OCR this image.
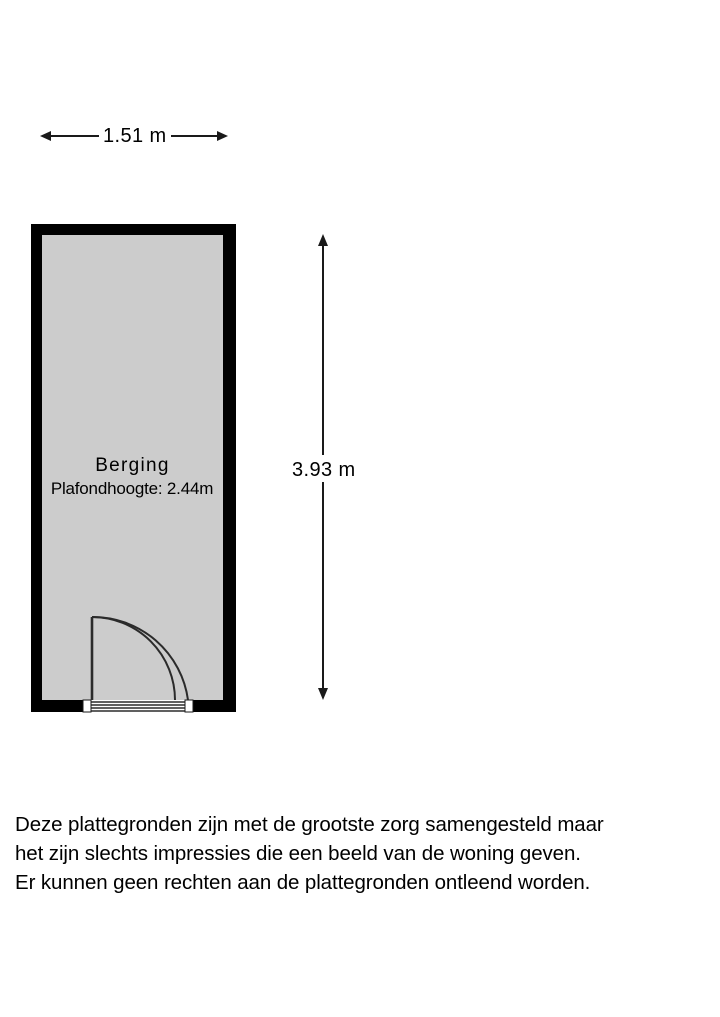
1.51 m
3.93 m
Berging
Plafondhoogte: 2.44m
Deze plattegronden zijn met de grootste zorg samengesteld maar
het zijn slechts impressies die een beeld van de woning geven.
Er kunnen geen rechten aan de plattegronden ontleend worden.
